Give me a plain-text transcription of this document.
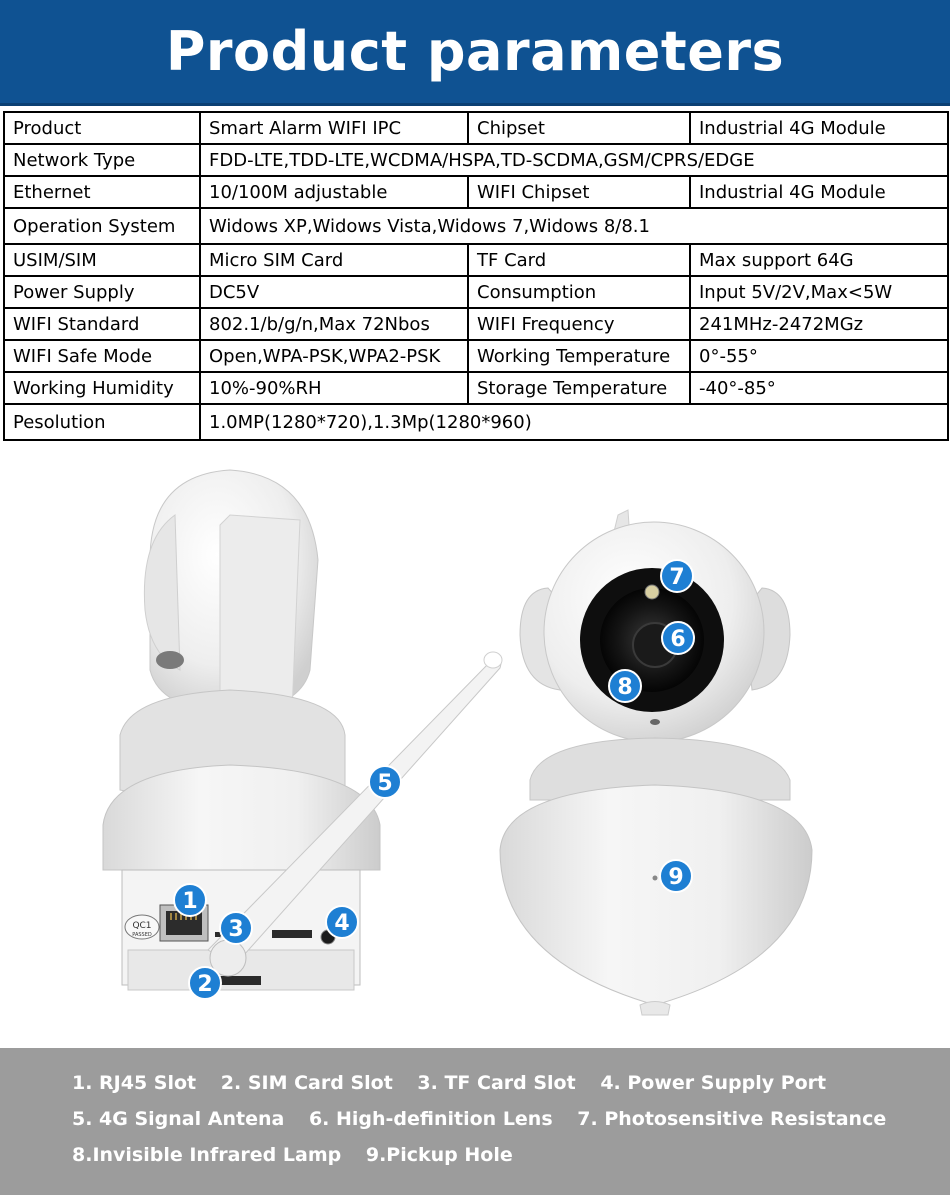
Product parameters
Product	Smart Alarm WIFI IPC	Chipset	Industrial 4G Module
Network Type	FDD-LTE,TDD-LTE,WCDMA/HSPA,TD-SCDMA,GSM/CPRS/EDGE		
Ethernet	10/100M adjustable	WIFI Chipset	Industrial 4G Module
Operation System	Widows XP,Widows Vista,Widows 7,Widows 8/8.1		
USIM/SIM	Micro SIM Card	TF Card	Max support 64G
Power Supply	DC5V	Consumption	Input 5V/2V,Max<5W
WIFI Standard	802.1/b/g/n,Max 72Nbos	WIFI Frequency	241MHz-2472MGz
WIFI Safe Mode	Open,WPA-PSK,WPA2-PSK	Working Temperature	0°-55°
Working Humidity	10%-90%RH	Storage Temperature	-40°-85°
Pesolution	1.0MP(1280*720),1.3Mp(1280*960)		
QC1
PASSED
1
2
3	4
5
6
7
8
9
1. RJ45 Slot 2. SIM Card Slot 3. TF Card Slot 4. Power Supply Port
5. 4G Signal Antena 6. High-definition Lens 7. Photosensitive Resistance
8.Invisible Infrared Lamp 9.Pickup Hole
